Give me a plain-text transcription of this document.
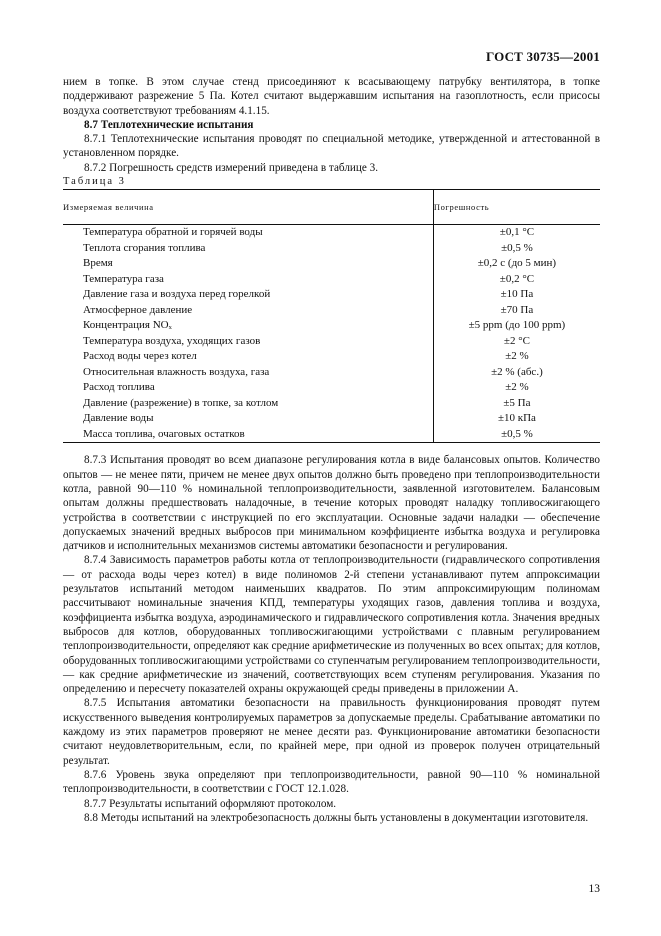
ГОСТ 30735—2001

нием в топке. В этом случае стенд присоединяют к всасывающему патрубку вентилятора, в топке поддерживают разрежение 5 Па. Котел считают выдержавшим испытания на газоплотность, если присосы воздуха соответствуют требованиям 4.1.15.

8.7 Теплотехнические испытания

8.7.1 Теплотехнические испытания проводят по специальной методике, утвержденной и аттестованной в установленном порядке.

8.7.2 Погрешность средств измерений приведена в таблице 3.

Таблица 3

Измеряемая величина	Погрешность
Температура обратной и горячей воды	±0,1 °С
Теплота сгорания топлива	±0,5 %
Время	±0,2 с (до 5 мин)
Температура газа	±0,2 °С
Давление газа и воздуха перед горелкой	±10 Па
Атмосферное давление	±70 Па
Концентрация NOₓ	±5 ppm (до 100 ppm)
Температура воздуха, уходящих газов	±2 °С
Расход воды через котел	±2 %
Относительная влажность воздуха, газа	±2 % (абс.)
Расход топлива	±2 %
Давление (разрежение) в топке, за котлом	±5 Па
Давление воды	±10 кПа
Масса топлива, очаговых остатков	±0,5 %

8.7.3 Испытания проводят во всем диапазоне регулирования котла в виде балансовых опытов. Количество опытов — не менее пяти, причем не менее двух опытов должно быть проведено при теплопроизводительности котла, равной 90—110 % номинальной теплопроизводительности, заявленной изготовителем. Балансовым опытам должны предшествовать наладочные, в течение которых проводят наладку топливосжигающего устройства в соответствии с инструкцией по его эксплуатации. Основные задачи наладки — обеспечение допускаемых значений вредных выбросов при минимальном коэффициенте избытка воздуха и регулировка датчиков и исполнительных механизмов системы автоматики безопасности и регулирования.

8.7.4 Зависимость параметров работы котла от теплопроизводительности (гидравлического сопротивления — от расхода воды через котел) в виде полиномов 2-й степени устанавливают путем аппроксимации результатов испытаний методом наименьших квадратов. По этим аппроксимирующим полиномам рассчитывают номинальные значения КПД, температуры уходящих газов, давления топлива и воздуха, коэффициента избытка воздуха, аэродинамического и гидравлического сопротивления котла. Значения вредных выбросов для котлов, оборудованных топливосжигающими устройствами с плавным регулированием теплопроизводительности, определяют как средние арифметические из полученных во всех опытах; для котлов, оборудованных топливосжигающими устройствами со ступенчатым регулированием теплопроизводительности, — как средние арифметические из значений, соответствующих всем ступеням регулирования. Указания по определению и пересчету показателей охраны окружающей среды приведены в приложении А.

8.7.5 Испытания автоматики безопасности на правильность функционирования проводят путем искусственного выведения контролируемых параметров за допускаемые пределы. Срабатывание автоматики по каждому из этих параметров проверяют не менее десяти раз. Функционирование автоматики безопасности считают неудовлетворительным, если, по крайней мере, при одной из проверок получен отрицательный результат.

8.7.6 Уровень звука определяют при теплопроизводительности, равной 90—110 % номинальной теплопроизводительности, в соответствии с ГОСТ 12.1.028.

8.7.7 Результаты испытаний оформляют протоколом.

8.8 Методы испытаний на электробезопасность должны быть установлены в документации изготовителя.

13
